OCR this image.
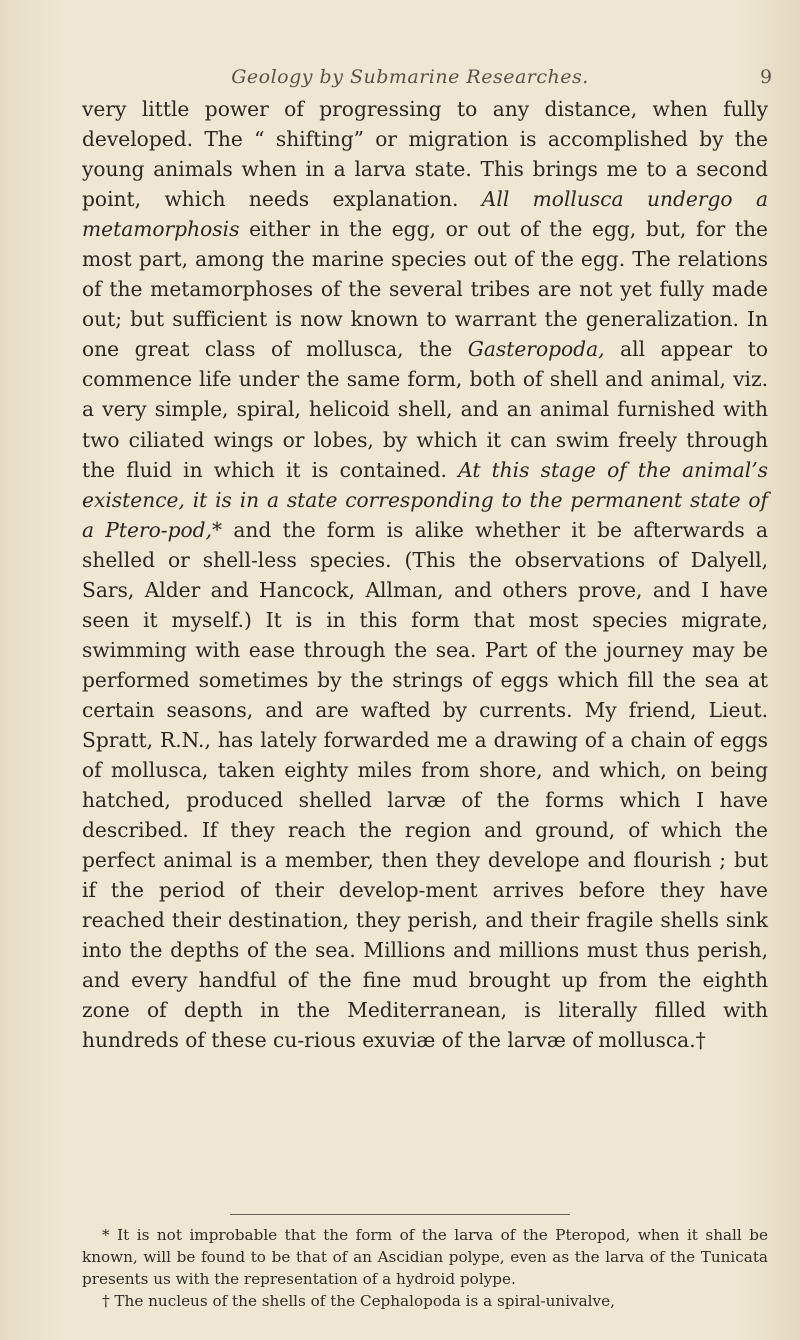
Geology by Submarine Researches.	9

very little power of progressing to any distance, when fully developed. The “ shifting” or migration is accomplished by the young animals when in a larva state. This brings me to a second point, which needs explanation. All mollusca undergo a metamorphosis either in the egg, or out of the egg, but, for the most part, among the marine species out of the egg. The relations of the metamorphoses of the several tribes are not yet fully made out; but sufficient is now known to warrant the generalization. In one great class of mollusca, the Gasteropoda, all appear to commence life under the same form, both of shell and animal, viz. a very simple, spiral, helicoid shell, and an animal furnished with two ciliated wings or lobes, by which it can swim freely through the fluid in which it is contained. At this stage of the animal’s existence, it is in a state corresponding to the permanent state of a Ptero-pod,* and the form is alike whether it be afterwards a shelled or shell-less species. (This the observations of Dalyell, Sars, Alder and Hancock, Allman, and others prove, and I have seen it myself.) It is in this form that most species migrate, swimming with ease through the sea. Part of the journey may be performed sometimes by the strings of eggs which fill the sea at certain seasons, and are wafted by currents. My friend, Lieut. Spratt, R.N., has lately forwarded me a drawing of a chain of eggs of mollusca, taken eighty miles from shore, and which, on being hatched, produced shelled larvæ of the forms which I have described. If they reach the region and ground, of which the perfect animal is a member, then they develope and flourish ; but if the period of their develop-ment arrives before they have reached their destination, they perish, and their fragile shells sink into the depths of the sea. Millions and millions must thus perish, and every handful of the fine mud brought up from the eighth zone of depth in the Mediterranean, is literally filled with hundreds of these cu-rious exuviæ of the larvæ of mollusca.†

* It is not improbable that the form of the larva of the Pteropod, when it shall be known, will be found to be that of an Ascidian polype, even as the larva of the Tunicata presents us with the representation of a hydroid polype.

† The nucleus of the shells of the Cephalopoda is a spiral-univalve,
